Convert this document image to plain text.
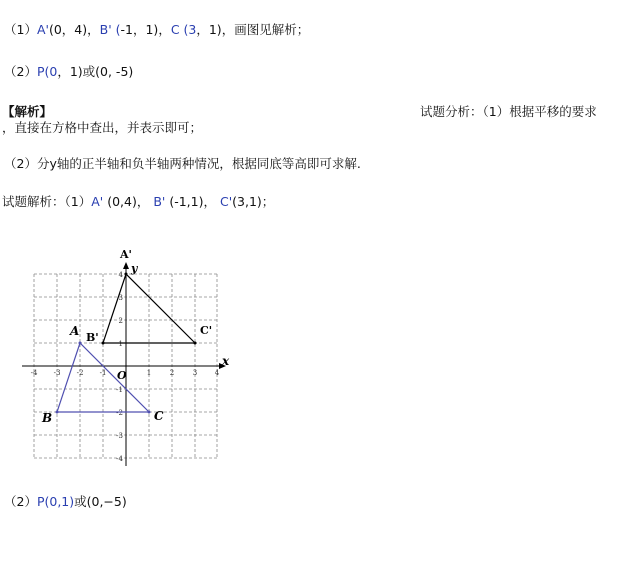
（1）A'(0，4)，B' (-1，1)，C (3，1)，画图见解析；
（2）P(0，1)或(0, -5)
【解析】	试题分析：（1）根据平移的要求
，直接在方格中查出，并表示即可；
（2）分y轴的正半轴和负半轴两种情况，根据同底等高即可求解.
试题解析：（1）A' (0,4)， B' (-1,1)， C'(3,1)；
x
y
O
-4 -3 -2 -1	1	2	3	4
4
3
2
1
-1
-2
-3
-4
A
B	C
A'
B'
C'
（2）P(0,1)或(0,−5)
